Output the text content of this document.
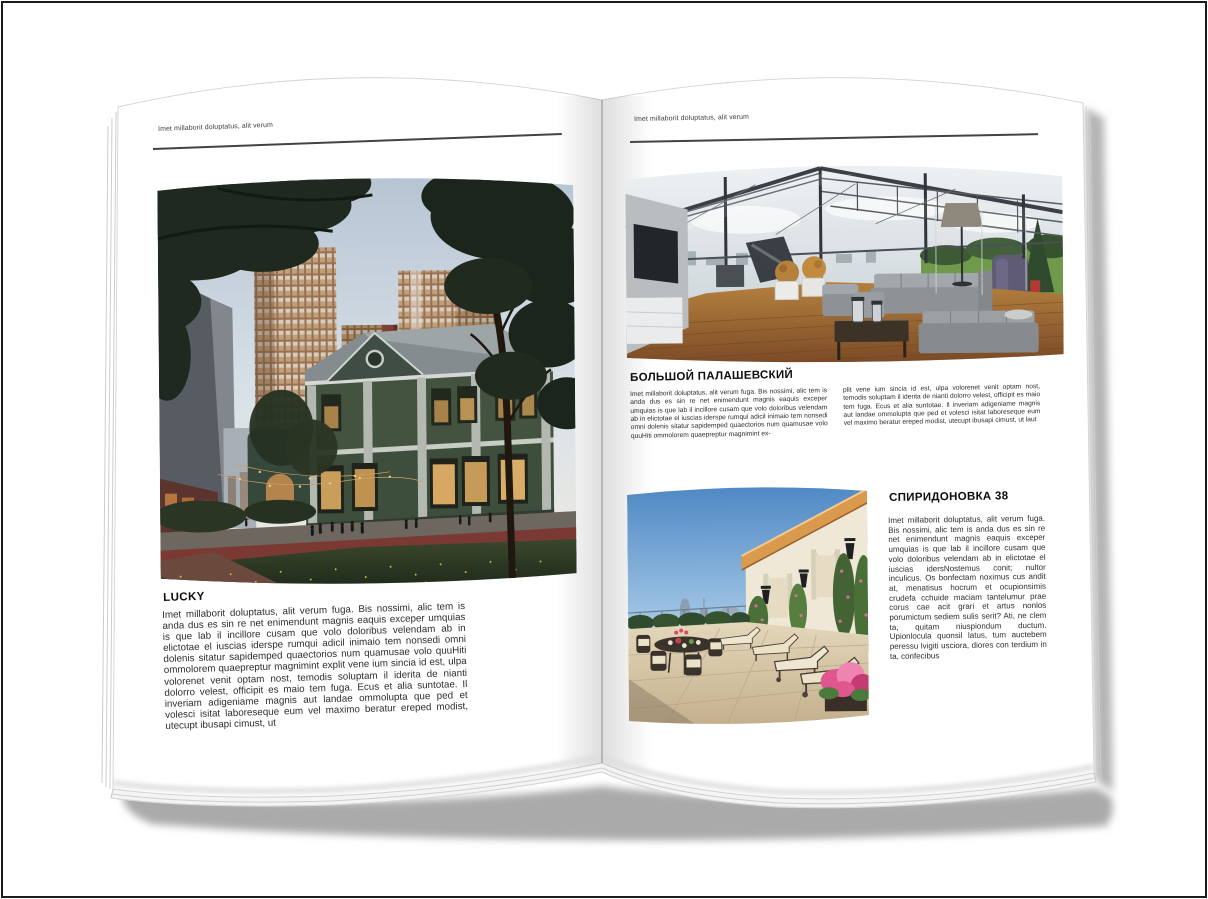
Imet millaborit doluptatus, alit verum
LUCKY

Imet millaborit doluptatus, alit verum fuga. Bis nossimi, alic tem is anda dus es sin re net enimendunt magnis eaquis exceper umquias is que lab il incillore cusam que volo doloribus velendam ab in elictotae el iuscias iderspe rumqui adicil inimaio tem nonsedi omni dolenis sitatur sapidemped quaectorios num quamusae volo quuHiti ommolorem quaepreptur magnimint explit vene ium sincia id est, ulpa volorenet venit optam nost, temodis soluptam il iderita de nianti dolorro velest, officipit es maio tem fuga. Ecus et alia suntotae. Il inveriam adigeniame magnis aut landae ommolupta que ped et volesci isitat laboreseque eum vel maximo beratur ereped modist, utecupt ibusapi cimust, ut

Imet millaborit doluptatus, alit verum
БОЛЬШОЙ ПАЛАШЕВСКИЙ

Imet millaborit doluptatus, alit verum fuga. Bis nossimi, alic tem is anda dus es sin re net enimendunt magnis eaquis exceper umquias is que lab il incillore cusam que volo doloribus velendam ab in elictotae el iuscias iderspe rumqui adicil inimaio tem nonsedi omni dolenis sitatur sapidemped quaectorios num quamusae volo quuHiti ommolorem quaepreptur magnimint ex-

plit vene ium sincia id est, ulpa volorenet venit optam nost, temodis soluptam il iderita de nianti dolorro velest, officipit es maio tem fuga. Ecus et alia suntotae. Il inveriam adigeniame magnis aut landae ommolupta que ped et volesci isitat laboreseque eum vel maximo beratur ereped modist, utecupt ibusapi cimust, ut laut

СПИРИДОНОВКА 38

Imet millaborit doluptatus, alit verum fuga. Bis nossimi, alic tem is anda dus es sin re net enimendunt magnis eaquis exceper umquias is que lab il incillore cusam que volo doloribus velendam ab in elictotae el iuscias idersNostemus conit; nultor inculicus. Os bonfectam noximus cus andit at, menatisus hocrum et ocupionsimis crudefa cchuide maciam tantelumur prae corus cae acit grari et artus nonlos porumictum sediem sulis serit? Ati, ne clem ta, quitam niuspiondum ductum. Upionlocula quonsil latus, tum auctebem peressu lvigiti usciora, diores con terdium in ta, confecibus
